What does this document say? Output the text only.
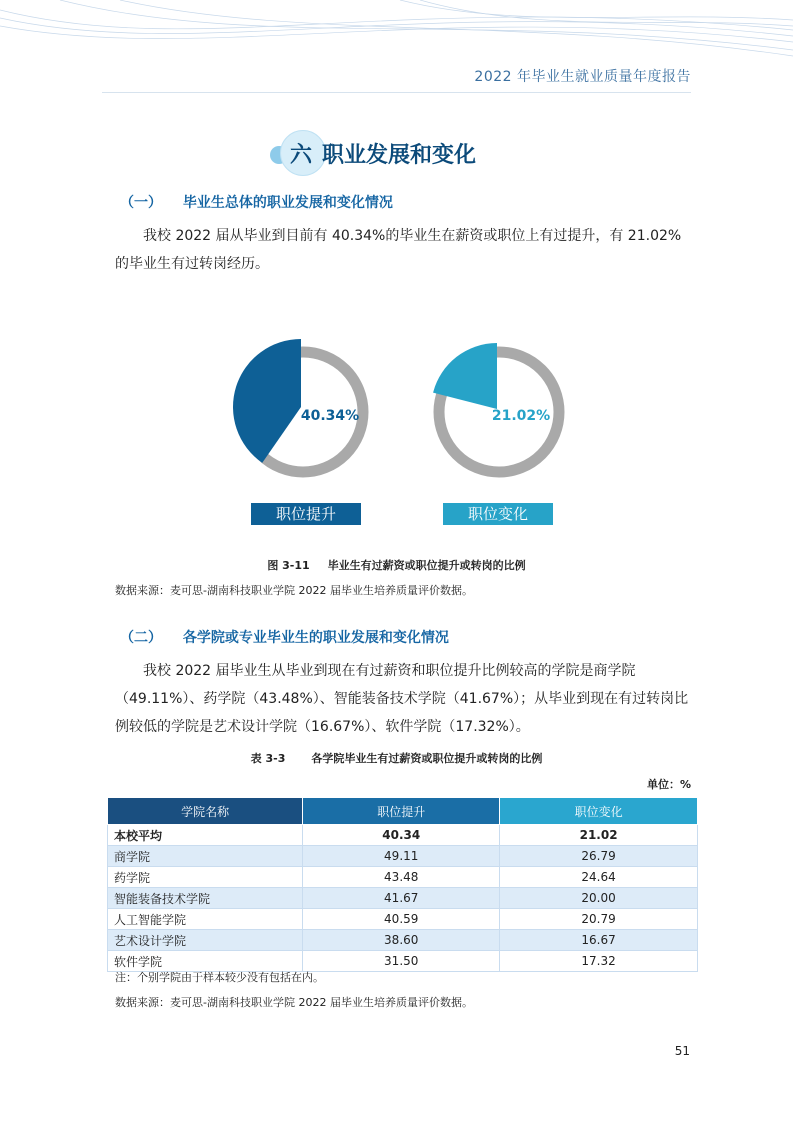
2022 年毕业生就业质量年度报告
六 职业发展和变化
（一） 毕业生总体的职业发展和变化情况
我校 2022 届从毕业到目前有 40.34%的毕业生在薪资或职位上有过提升，有 21.02%的毕业生有过转岗经历。
40.34%
职位提升
21.02%
职位变化
图 3-11 毕业生有过薪资或职位提升或转岗的比例
数据来源：麦可思-湖南科技职业学院 2022 届毕业生培养质量评价数据。
（二） 各学院或专业毕业生的职业发展和变化情况
我校 2022 届毕业生从毕业到现在有过薪资和职位提升比例较高的学院是商学院（49.11%）、药学院（43.48%）、智能装备技术学院（41.67%）；从毕业到现在有过转岗比例较低的学院是艺术设计学院（16.67%）、软件学院（17.32%）。
表 3-3 各学院毕业生有过薪资或职位提升或转岗的比例
单位：%
学院名称	职位提升	职位变化
本校平均	40.34	21.02
商学院	49.11	26.79
药学院	43.48	24.64
智能装备技术学院	41.67	20.00
人工智能学院	40.59	20.79
艺术设计学院	38.60	16.67
软件学院	31.50	17.32
注：个别学院由于样本较少没有包括在内。
数据来源：麦可思-湖南科技职业学院 2022 届毕业生培养质量评价数据。
51
